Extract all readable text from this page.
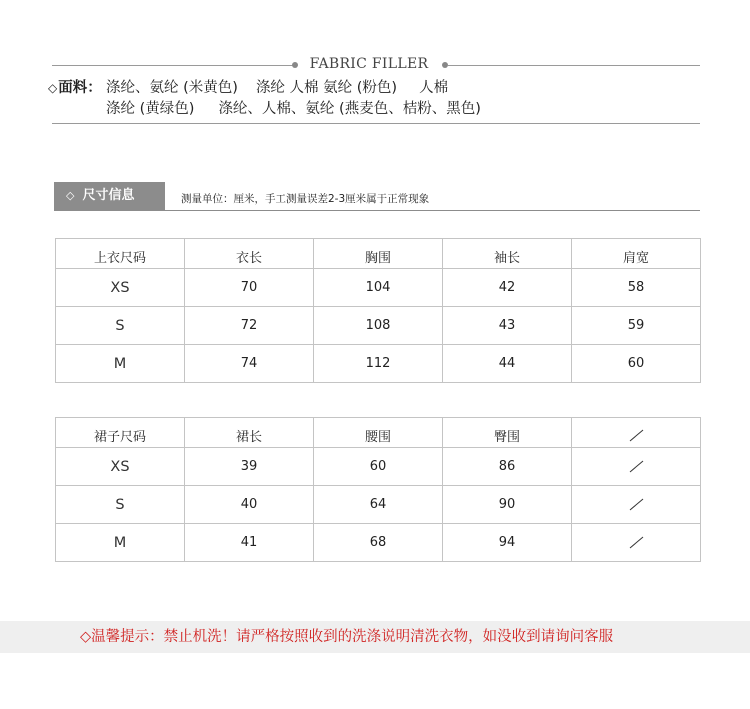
FABRIC FILLER
◇面料： 涤纶、氨纶 (米黄色) 涤纶 人棉 氨纶 (粉色) 人棉
涤纶 (黄绿色) 涤纶、人棉、氨纶 (燕麦色、桔粉、黑色)
◇ 尺寸信息	测量单位：厘米，手工测量误差2-3厘米属于正常现象
上衣尺码	衣长	胸围	袖长	肩宽
XS	70	104	42	58
S	72	108	43	59
M	74	112	44	60
裙子尺码	裙长	腰围	臀围	
XS	39	60	86	
S	40	64	90	
M	41	68	94	
◇温馨提示：禁止机洗！请严格按照收到的洗涤说明清洗衣物，如没收到请询问客服
